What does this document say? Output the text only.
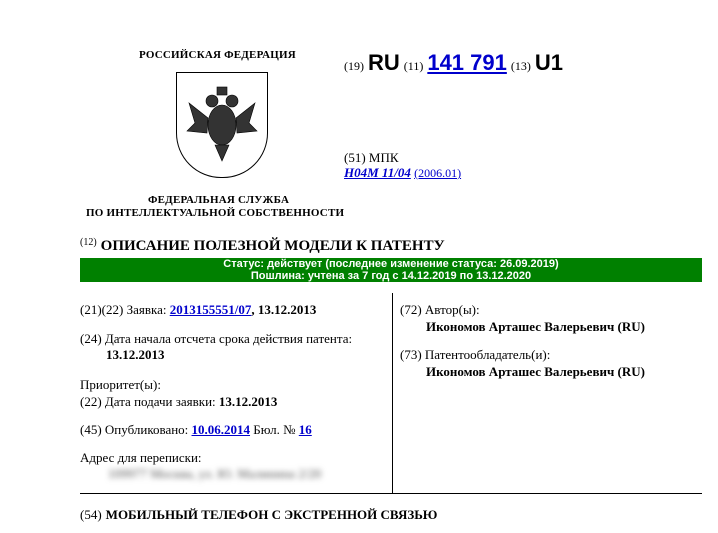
РОССИЙСКАЯ ФЕДЕРАЦИЯ
ФЕДЕРАЛЬНАЯ СЛУЖБА
ПО ИНТЕЛЛЕКТУАЛЬНОЙ СОБСТВЕННОСТИ
(19) RU (11) 141 791 (13) U1
(51) МПК
H04M 11/04 (2006.01)
$^{(12)}$ ОПИСАНИЕ ПОЛЕЗНОЙ МОДЕЛИ К ПАТЕНТУ
Статус: действует (последнее изменение статуса: 26.09.2019)
Пошлина: учтена за 7 год с 14.12.2019 по 13.12.2020
(21)(22) Заявка: 2013155551/07, 13.12.2013
(24) Дата начала отсчета срока действия патента:
13.12.2013
Приоритет(ы):
(22) Дата подачи заявки: 13.12.2013
(45) Опубликовано: 10.06.2014 Бюл. № 16
Адрес для переписки:
109977 Москва, ул. Ю. Малинина 2/20
(72) Автор(ы):
Икономов Арташес Валерьевич (RU)
(73) Патентообладатель(и):
Икономов Арташес Валерьевич (RU)
(54) МОБИЛЬНЫЙ ТЕЛЕФОН С ЭКСТРЕННОЙ СВЯЗЬЮ
